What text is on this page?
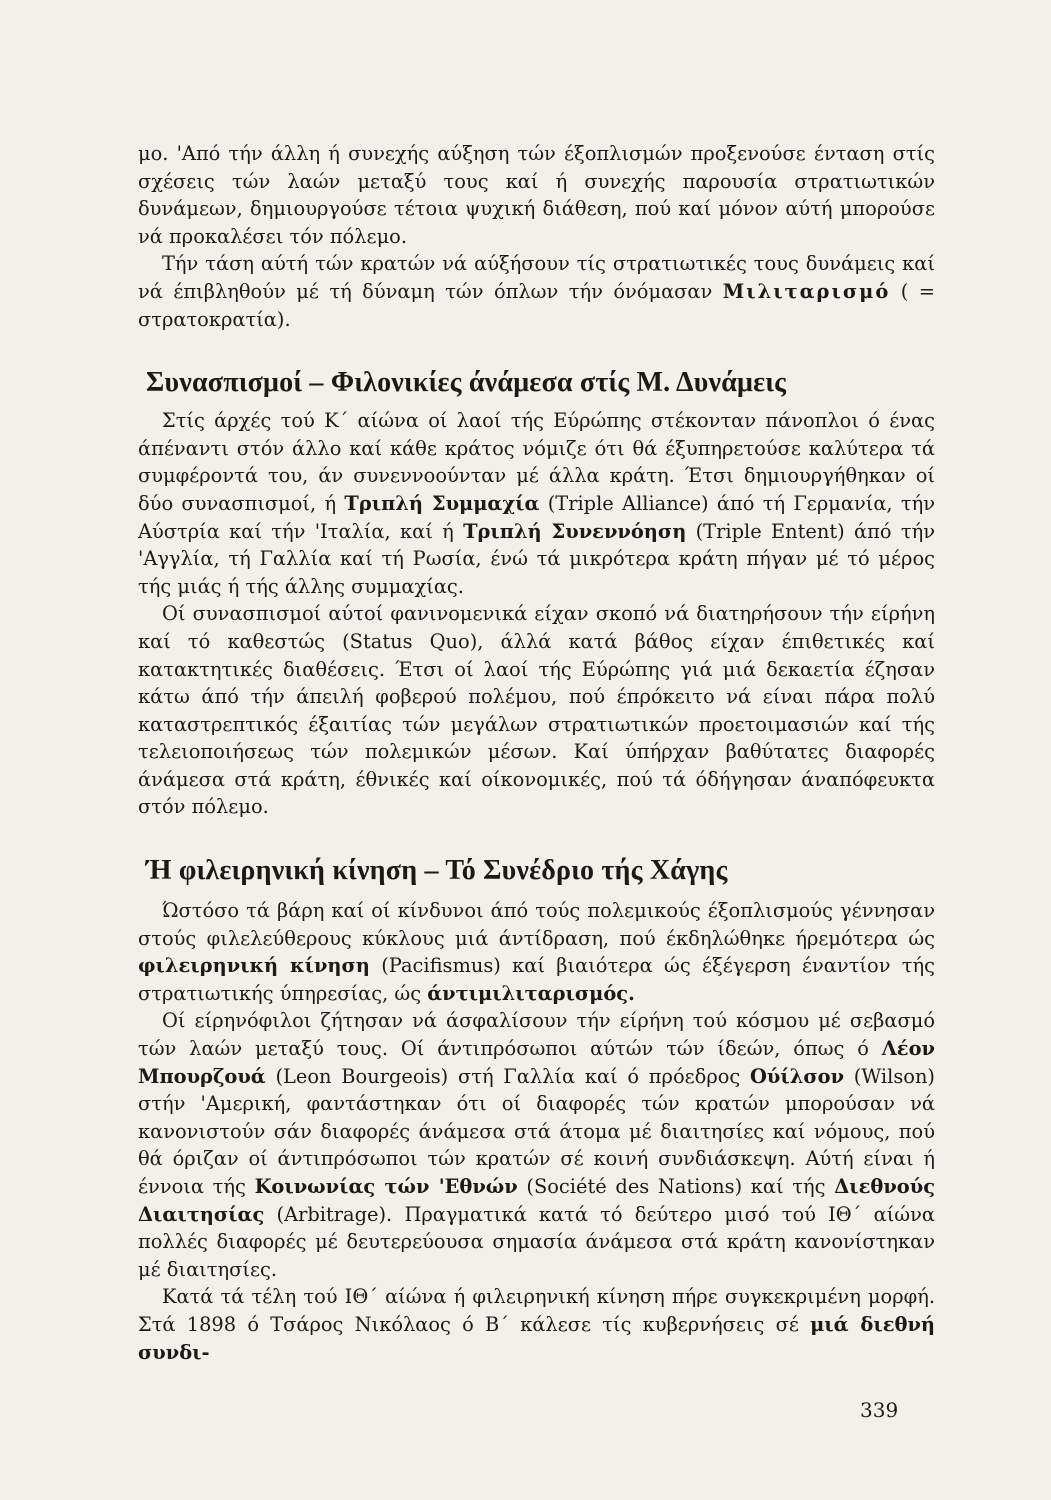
μο. 'Από τήν άλλη ή συνεχής αύξηση τών έξοπλισμών προξενούσε ένταση στίς σχέσεις τών λαών μεταξύ τους καί ή συνεχής παρουσία στρατιωτικών δυνάμεων, δημιουργούσε τέτοια ψυχική διάθεση, πού καί μόνον αύτή μπορούσε νά προκαλέσει τόν πόλεμο.

Τήν τάση αύτή τών κρατών νά αύξήσουν τίς στρατιωτικές τους δυνάμεις καί νά έπιβληθούν μέ τή δύναμη τών όπλων τήν όνόμασαν Μιλιταρισμό ( = στρατοκρατία).

Συνασπισμοί – Φιλονικίες άνάμεσα στίς Μ. Δυνάμεις

Στίς άρχές τού Κ΄ αίώνα οί λαοί τής Εύρώπης στέκονταν πάνοπλοι ό ένας άπέναντι στόν άλλο καί κάθε κράτος νόμιζε ότι θά έξυπηρετούσε καλύτερα τά συμφέροντά του, άν συνεννοούνταν μέ άλλα κράτη. Έτσι δημιουργήθηκαν οί δύο συνασπισμοί, ή Τριπλή Συμμαχία (Triple Alliance) άπό τή Γερμανία, τήν Αύστρία καί τήν 'Ιταλία, καί ή Τριπλή Συνεννόηση (Triple Entent) άπό τήν 'Αγγλία, τή Γαλλία καί τή Ρωσία, ένώ τά μικρότερα κράτη πήγαν μέ τό μέρος τής μιάς ή τής άλλης συμμαχίας.

Οί συνασπισμοί αύτοί φανινομενικά είχαν σκοπό νά διατηρήσουν τήν είρήνη καί τό καθεστώς (Status Quo), άλλά κατά βάθος είχαν έπιθετικές καί κατακτητικές διαθέσεις. Έτσι οί λαοί τής Εύρώπης γιά μιά δεκαετία έζησαν κάτω άπό τήν άπειλή φοβερού πολέμου, πού έπρόκειτο νά είναι πάρα πολύ καταστρεπτικός έξαιτίας τών μεγάλων στρατιωτικών προετοιμασιών καί τής τελειοποιήσεως τών πολεμικών μέσων. Καί ύπήρχαν βαθύτατες διαφορές άνάμεσα στά κράτη, έθνικές καί οίκονομικές, πού τά όδήγησαν άναπόφευκτα στόν πόλεμο.

Ή φιλειρηνική κίνηση – Τό Συνέδριο τής Χάγης

Ώστόσο τά βάρη καί οί κίνδυνοι άπό τούς πολεμικούς έξοπλισμούς γέννησαν στούς φιλελεύθερους κύκλους μιά άντίδραση, πού έκδηλώθηκε ήρεμότερα ώς φιλειρηνική κίνηση (Pacifismus) καί βιαιότερα ώς έξέγερση έναντίον τής στρατιωτικής ύπηρεσίας, ώς άντιμιλιταρισμός.

Οί είρηνόφιλοι ζήτησαν νά άσφαλίσουν τήν είρήνη τού κόσμου μέ σεβασμό τών λαών μεταξύ τους. Οί άντιπρόσωποι αύτών τών ίδεών, όπως ό Λέον Μπουρζουά (Leon Bourgeois) στή Γαλλία καί ό πρόεδρος Ούίλσον (Wilson) στήν 'Αμερική, φαντάστηκαν ότι οί διαφορές τών κρατών μπορούσαν νά κανονιστούν σάν διαφορές άνάμεσα στά άτομα μέ διαιτησίες καί νόμους, πού θά όριζαν οί άντιπρόσωποι τών κρατών σέ κοινή συνδιάσκεψη. Αύτή είναι ή έννοια τής Κοινωνίας τών 'Εθνών (Société des Nations) καί τής Διεθνούς Διαιτησίας (Arbitrage). Πραγματικά κατά τό δεύτερο μισό τού ΙΘ΄ αίώνα πολλές διαφορές μέ δευτερεύουσα σημασία άνάμεσα στά κράτη κανονίστηκαν μέ διαιτησίες.

Κατά τά τέλη τού ΙΘ΄ αίώνα ή φιλειρηνική κίνηση πήρε συγκεκριμένη μορφή. Στά 1898 ό Τσάρος Νικόλαος ό Β΄ κάλεσε τίς κυβερνήσεις σέ μιά διεθνή συνδι-

339
